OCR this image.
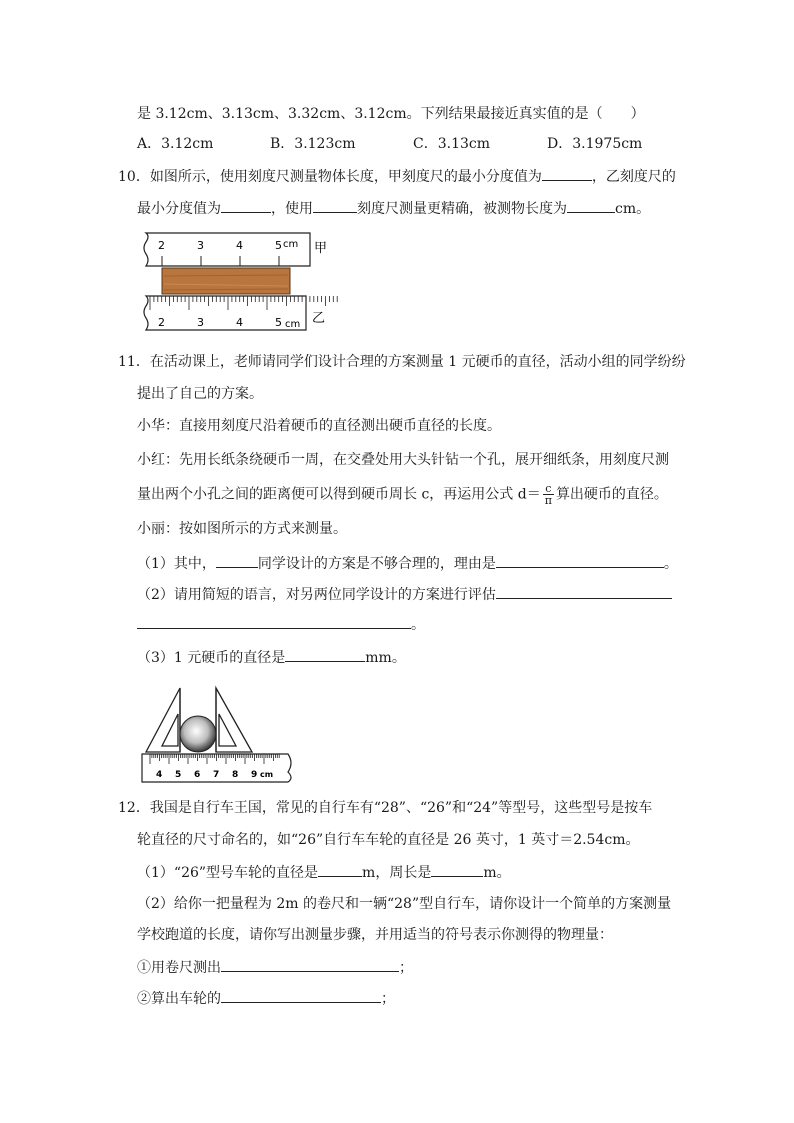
是 3.12cm、3.13cm、3.32cm、3.12cm。下列结果最接近真实值的是（　　）
A．3.12cm	B．3.123cm	C．3.13cm	D．3.1975cm
10．如图所示，使用刻度尺测量物体长度，甲刻度尺的最小分度值为	，乙刻度尺的
最小分度值为	，使用	刻度尺测量更精确，被测物长度为	cm。
2	3	4	5 cm 甲
2	3	4	5 cm 乙
11．在活动课上，老师请同学们设计合理的方案测量 1 元硬币的直径，活动小组的同学纷纷
提出了自己的方案。
小华：直接用刻度尺沿着硬币的直径测出硬币直径的长度。
小红：先用长纸条绕硬币一周，在交叠处用大头针钻一个孔，展开细纸条，用刻度尺测
量出两个小孔之间的距离便可以得到硬币周长 c，再运用公式 $d= \frac{c}{\pi}$ 算出硬币的直径。
小丽：按如图所示的方式来测量。
（1）其中，	同学设计的方案是不够合理的，理由是	。
（2）请用简短的语言，对另两位同学设计的方案进行评估
。
（3）1 元硬币的直径是	mm。
4 5 6 7 8 9 cm
12．我国是自行车王国，常见的自行车有“28”、“26”和“24”等型号，这些型号是按车
轮直径的尺寸命名的，如“26”自行车车轮的直径是 26 英寸，1 英寸＝2.54cm。
（1）“26”型号车轮的直径是	m，周长是	m。
（2）给你一把量程为 2m 的卷尺和一辆“28”型自行车，请你设计一个简单的方案测量
学校跑道的长度，请你写出测量步骤，并用适当的符号表示你测得的物理量：
①用卷尺测出	；
②算出车轮的	；
